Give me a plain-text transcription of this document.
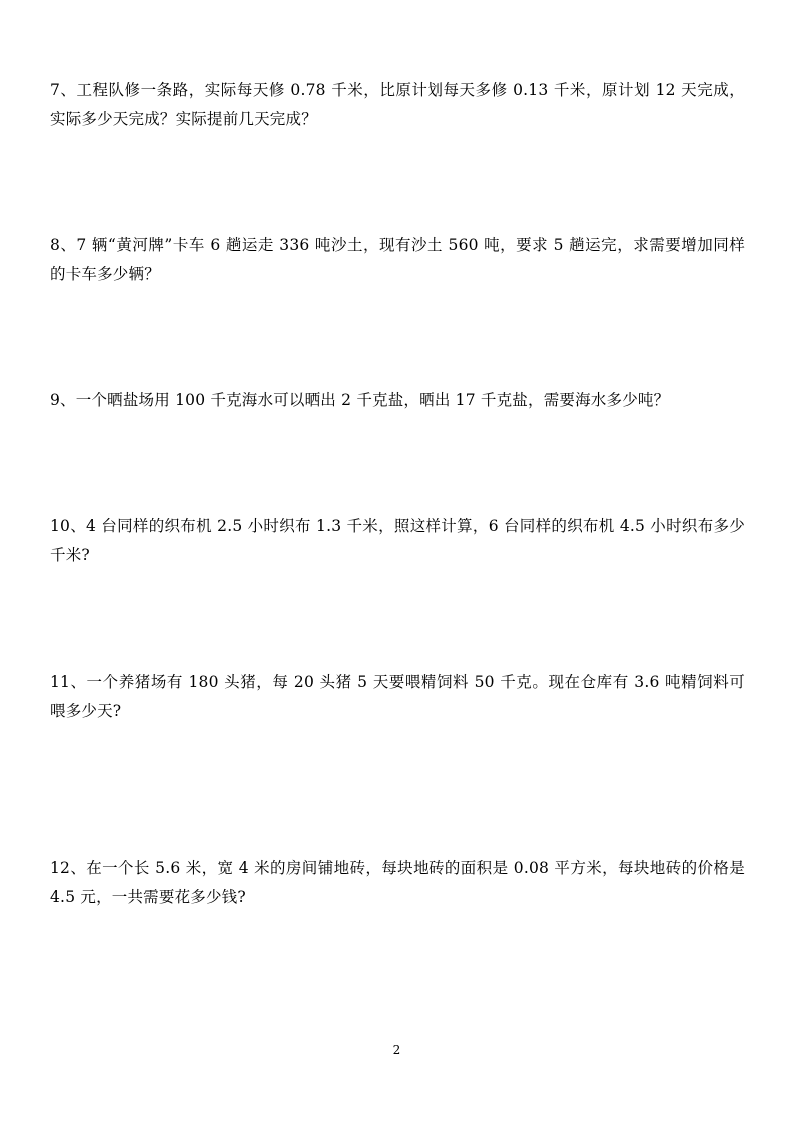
7、工程队修一条路，实际每天修 0.78 千米，比原计划每天多修 0.13 千米，原计划 12 天完成，实际多少天完成？实际提前几天完成？
8、7 辆“黄河牌”卡车 6 趟运走 336 吨沙土，现有沙土 560 吨，要求 5 趟运完，求需要增加同样的卡车多少辆？
9、一个晒盐场用 100 千克海水可以晒出 2 千克盐，晒出 17 千克盐，需要海水多少吨？
10、4 台同样的织布机 2.5 小时织布 1.3 千米，照这样计算，6 台同样的织布机 4.5 小时织布多少千米?
11、一个养猪场有 180 头猪，每 20 头猪 5 天要喂精饲料 50 千克。现在仓库有 3.6 吨精饲料可喂多少天?
12、在一个长 5.6 米，宽 4 米的房间铺地砖，每块地砖的面积是 0.08 平方米，每块地砖的价格是 4.5 元，一共需要花多少钱?
2
